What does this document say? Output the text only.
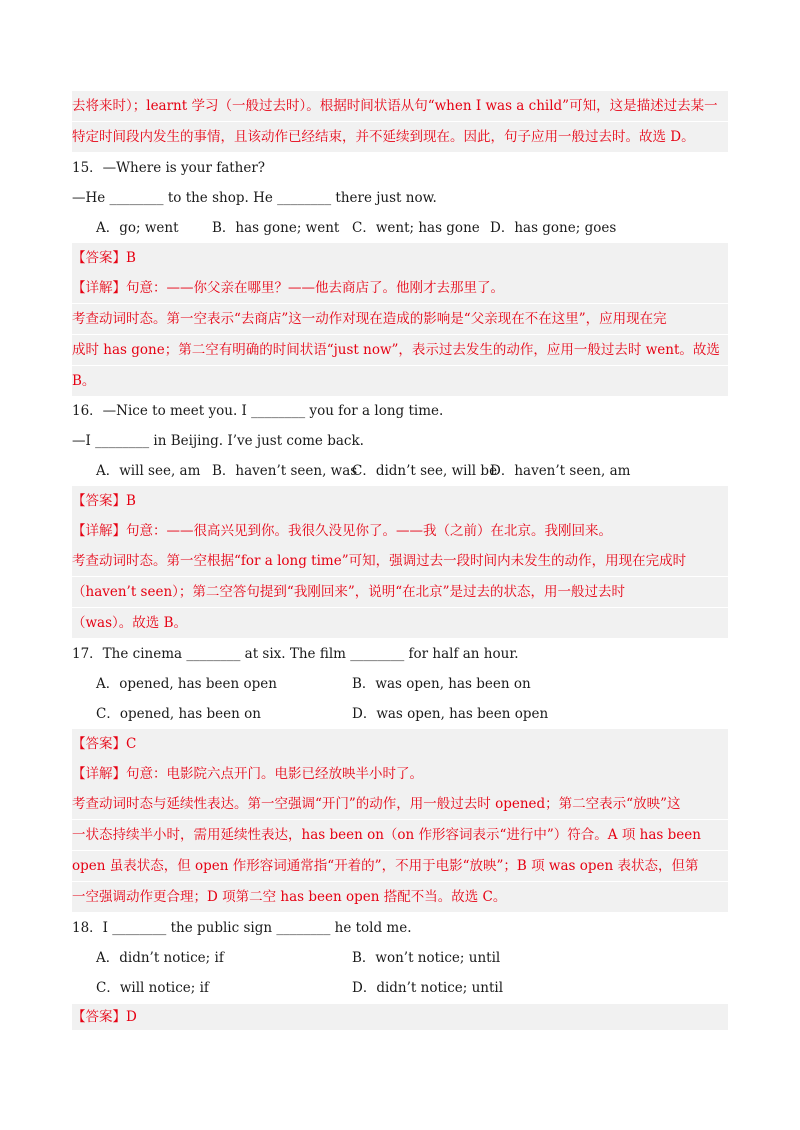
去将来时）；learnt 学习（一般过去时）。根据时间状语从句“when I was a child”可知，这是描述过去某一
特定时间段内发生的事情，且该动作已经结束，并不延续到现在。因此，句子应用一般过去时。故选 D。
15．—Where is your father?
—He ________ to the shop. He ________ there just now.
A．go; went B．has gone; went C．went; has gone D．has gone; goes
【答案】B
【详解】句意：——你父亲在哪里？——他去商店了。他刚才去那里了。
考查动词时态。第一空表示“去商店”这一动作对现在造成的影响是“父亲现在不在这里”，应用现在完
成时 has gone；第二空有明确的时间状语“just now”，表示过去发生的动作，应用一般过去时 went。故选
B。
16．—Nice to meet you. I ________ you for a long time.
—I ________ in Beijing. I’ve just come back.
A．will see, am B．haven’t seen, was
C．didn’t see, will be
D．haven’t seen, am
【答案】B
【详解】句意：——很高兴见到你。我很久没见你了。——我（之前）在北京。我刚回来。
考查动词时态。第一空根据“for a long time”可知，强调过去一段时间内未发生的动作，用现在完成时
（haven’t seen）；第二空答句提到“我刚回来”，说明“在北京”是过去的状态，用一般过去时
（was）。故选 B。
17．The cinema ________ at six. The film ________ for half an hour.
A．opened, has been open	B．was open, has been on
C．opened, has been on	D．was open, has been open
【答案】C
【详解】句意：电影院六点开门。电影已经放映半小时了。
考查动词时态与延续性表达。第一空强调“开门”的动作，用一般过去时 opened；第二空表示“放映”这
一状态持续半小时，需用延续性表达，has been on（on 作形容词表示“进行中”）符合。A 项 has been
open 虽表状态，但 open 作形容词通常指“开着的”，不用于电影“放映”；B 项 was open 表状态，但第
一空强调动作更合理；D 项第二空 has been open 搭配不当。故选 C。
18．I ________ the public sign ________ he told me.
A．didn’t notice; if	B．won’t notice; until
C．will notice; if	D．didn’t notice; until
【答案】D
